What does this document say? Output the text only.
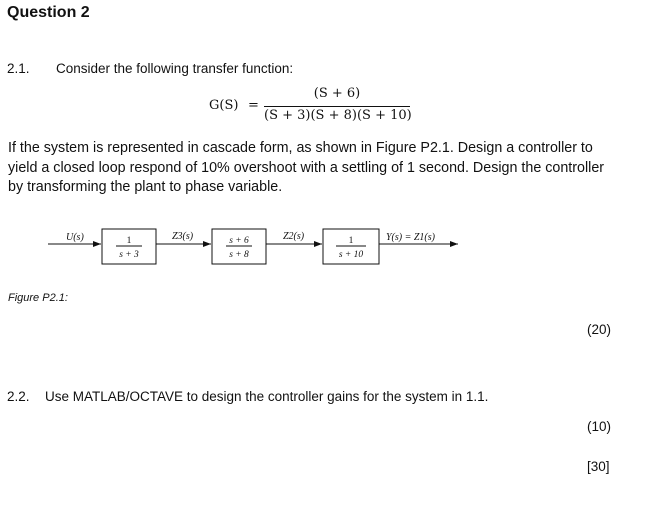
Question 2
2.1. Consider the following transfer function:
G(S) =
(S + 6)
(S + 3)(S + 8)(S + 10)
If the system is represented in cascade form, as shown in Figure P2.1. Design a controller to yield a closed loop respond of 10% overshoot with a settling of 1 second. Design the controller by transforming the plant to phase variable.
U(s)	Z3(s)	Z2(s)	Y(s) = Z1(s)
1
s + 3
s + 6
s + 8
1
s + 10
Figure P2.1:
(20)
2.2. Use MATLAB/OCTAVE to design the controller gains for the system in 1.1.
(10)
[30]
